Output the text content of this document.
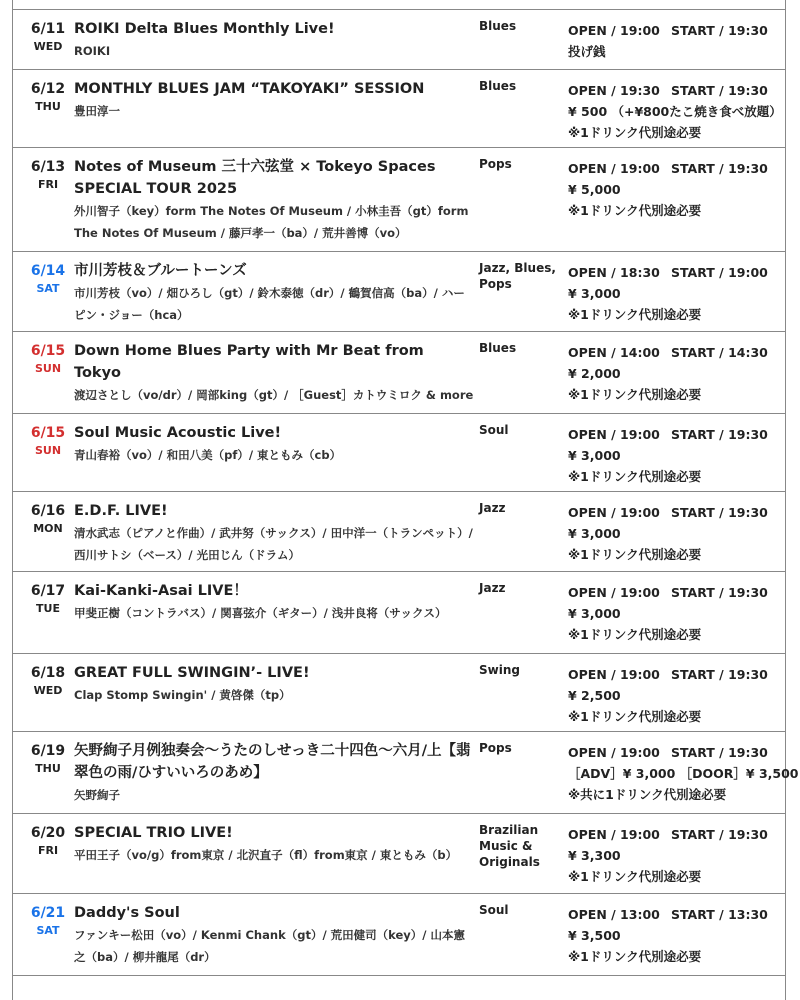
6/11
WED

ROIKI Delta Blues Monthly Live!

ROIKI

Blues	OPEN / 19:00 START / 19:30
投げ銭
6/12
THU

MONTHLY BLUES JAM “TAKOYAKI” SESSION

豊田淳一

Blues	OPEN / 19:30 START / 19:30
¥ 500 （+¥800たこ焼き食べ放題）
※1ドリンク代別途必要
6/13
FRI

Notes of Museum 三十六弦堂 × Tokeyo Spaces SPECIAL TOUR 2025

外川智子（key）form The Notes Of Museum / 小林圭吾（gt）form The Notes Of Museum / 藤戸孝一（ba）/ 荒井善博（vo）

Pops	OPEN / 19:00 START / 19:30
¥ 5,000
※1ドリンク代別途必要
6/14
SAT

市川芳枝＆ブルートーンズ

市川芳枝（vo）/ 畑ひろし（gt）/ 鈴木泰徳（dr）/ 鶴賀信高（ba）/ ハーピン・ジョー（hca）

Jazz, Blues, Pops
OPEN / 18:30 START / 19:00
¥ 3,000
※1ドリンク代別途必要
6/15
SUN

Down Home Blues Party with Mr Beat from Tokyo

渡辺さとし（vo/dr）/ 岡部king（gt）/ ［Guest］カトウミロク & more

Blues	OPEN / 14:00 START / 14:30
¥ 2,000
※1ドリンク代別途必要
6/15
SUN

Soul Music Acoustic Live!

青山春裕（vo）/ 和田八美（pf）/ 東ともみ（cb）

Soul	OPEN / 19:00 START / 19:30
¥ 3,000
※1ドリンク代別途必要
6/16
MON

E.D.F. LIVE!

清水武志（ピアノと作曲）/ 武井努（サックス）/ 田中洋一（トランペット）/ 西川サトシ（ベース）/ 光田じん（ドラム）

Jazz	OPEN / 19:00 START / 19:30
¥ 3,000
※1ドリンク代別途必要
6/17
TUE

Kai-Kanki-Asai LIVE！

甲斐正樹（コントラバス）/ 関喜弦介（ギター）/ 浅井良将（サックス）

Jazz	OPEN / 19:00 START / 19:30
¥ 3,000
※1ドリンク代別途必要
6/18
WED

GREAT FULL SWINGIN’- LIVE!

Clap Stomp Swingin' / 黄啓傑（tp）

Swing	OPEN / 19:00 START / 19:30
¥ 2,500
※1ドリンク代別途必要
6/19
THU

矢野絢子月例独奏会〜うたのしせっき二十四色〜六月/上【翡翠色の雨/ひすいいろのあめ】

矢野絢子

Pops	OPEN / 19:00 START / 19:30
［ADV］¥ 3,000 ［DOOR］¥ 3,500
※共に1ドリンク代別途必要
6/20
FRI

SPECIAL TRIO LIVE!

平田王子（vo/g）from東京 / 北沢直子（fl）from東京 / 東ともみ（b）

Brazilian Music & Originals
OPEN / 19:00 START / 19:30
¥ 3,300
※1ドリンク代別途必要
6/21
SAT

Daddy's Soul

ファンキー松田（vo）/ Kenmi Chank（gt）/ 荒田健司（key）/ 山本憲之（ba）/ 柳井龍尾（dr）

Soul	OPEN / 13:00 START / 13:30
¥ 3,500
※1ドリンク代別途必要
